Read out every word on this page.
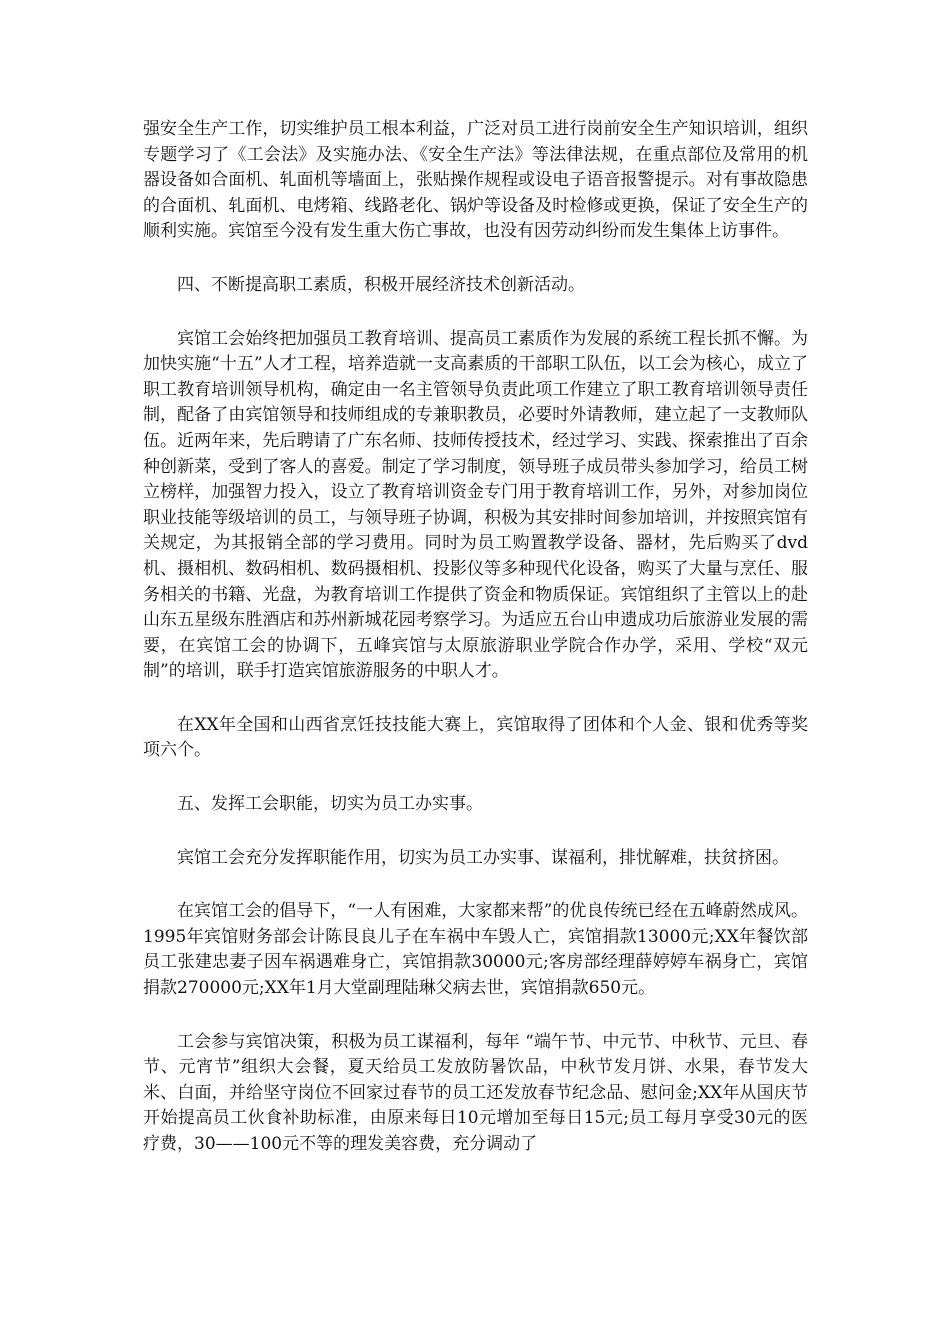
强安全生产工作，切实维护员工根本利益，广泛对员工进行岗前安全生产知识培训，组织专题学习了《工会法》及实施办法、《安全生产法》等法律法规，在重点部位及常用的机器设备如合面机、轧面机等墙面上，张贴操作规程或设电子语音报警提示。对有事故隐患的合面机、轧面机、电烤箱、线路老化、锅炉等设备及时检修或更换，保证了安全生产的顺利实施。宾馆至今没有发生重大伤亡事故，也没有因劳动纠纷而发生集体上访事件。

四、不断提高职工素质，积极开展经济技术创新活动。

宾馆工会始终把加强员工教育培训、提高员工素质作为发展的系统工程长抓不懈。为加快实施“十五”人才工程，培养造就一支高素质的干部职工队伍，以工会为核心，成立了职工教育培训领导机构，确定由一名主管领导负责此项工作建立了职工教育培训领导责任制，配备了由宾馆领导和技师组成的专兼职教员，必要时外请教师，建立起了一支教师队伍。近两年来，先后聘请了广东名师、技师传授技术，经过学习、实践、探索推出了百余种创新菜，受到了客人的喜爱。制定了学习制度，领导班子成员带头参加学习，给员工树立榜样，加强智力投入，设立了教育培训资金专门用于教育培训工作，另外，对参加岗位职业技能等级培训的员工，与领导班子协调，积极为其安排时间参加培训，并按照宾馆有关规定，为其报销全部的学习费用。同时为员工购置教学设备、器材，先后购买了dvd机、摄相机、数码相机、数码摄相机、投影仪等多种现代化设备，购买了大量与烹任、服务相关的书籍、光盘，为教育培训工作提供了资金和物质保证。宾馆组织了主管以上的赴山东五星级东胜酒店和苏州新城花园考察学习。为适应五台山申遗成功后旅游业发展的需要，在宾馆工会的协调下，五峰宾馆与太原旅游职业学院合作办学，采用、学校“双元制”的培训，联手打造宾馆旅游服务的中职人才。

在XX年全国和山西省烹饪技技能大赛上，宾馆取得了团体和个人金、银和优秀等奖项六个。

五、发挥工会职能，切实为员工办实事。

宾馆工会充分发挥职能作用，切实为员工办实事、谋福利，排忧解难，扶贫挤困。

在宾馆工会的倡导下，“一人有困难，大家都来帮”的优良传统已经在五峰蔚然成风。1995年宾馆财务部会计陈艮良儿子在车祸中车毁人亡，宾馆捐款13000元;XX年餐饮部员工张建忠妻子因车祸遇难身亡，宾馆捐款30000元;客房部经理薛婷婷车祸身亡，宾馆捐款270000元;XX年1月大堂副理陆琳父病去世，宾馆捐款650元。

工会参与宾馆决策，积极为员工谋福利，每年 “端午节、中元节、中秋节、元旦、春节、元宵节”组织大会餐，夏天给员工发放防暑饮品，中秋节发月饼、水果，春节发大米、白面，并给坚守岗位不回家过春节的员工还发放春节纪念品、慰问金;XX年从国庆节开始提高员工伙食补助标准，由原来每日10元增加至每日15元;员工每月享受30元的医疗费，30——100元不等的理发美容费，充分调动了
